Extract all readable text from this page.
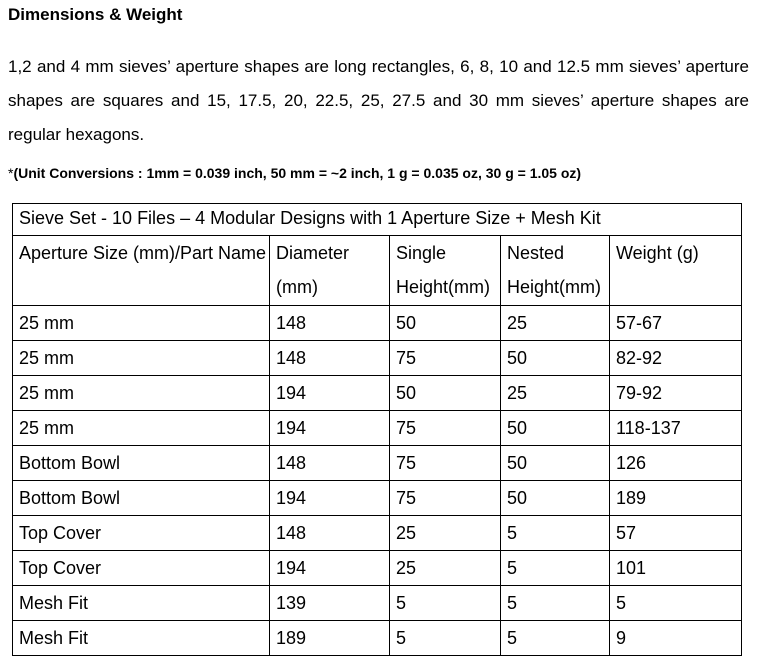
Dimensions & Weight

1,2 and 4 mm sieves’ aperture shapes are long rectangles, 6, 8, 10 and 12.5 mm sieves’ aperture shapes are squares and 15, 17.5, 20, 22.5, 25, 27.5 and 30 mm sieves’ aperture shapes are regular hexagons.

*(Unit Conversions : 1mm = 0.039 inch, 50 mm = ~2 inch, 1 g = 0.035 oz, 30 g = 1.05 oz)

Sieve Set - 10 Files – 4 Modular Designs with 1 Aperture Size + Mesh Kit				
Aperture Size (mm)/Part Name	Diameter (mm)	Single Height(mm)	Nested Height(mm)	Weight (g)
25 mm	148	50	25	57-67
25 mm	148	75	50	82-92
25 mm	194	50	25	79-92
25 mm	194	75	50	118-137
Bottom Bowl	148	75	50	126
Bottom Bowl	194	75	50	189
Top Cover	148	25	5	57
Top Cover	194	25	5	101
Mesh Fit	139	5	5	5
Mesh Fit	189	5	5	9
